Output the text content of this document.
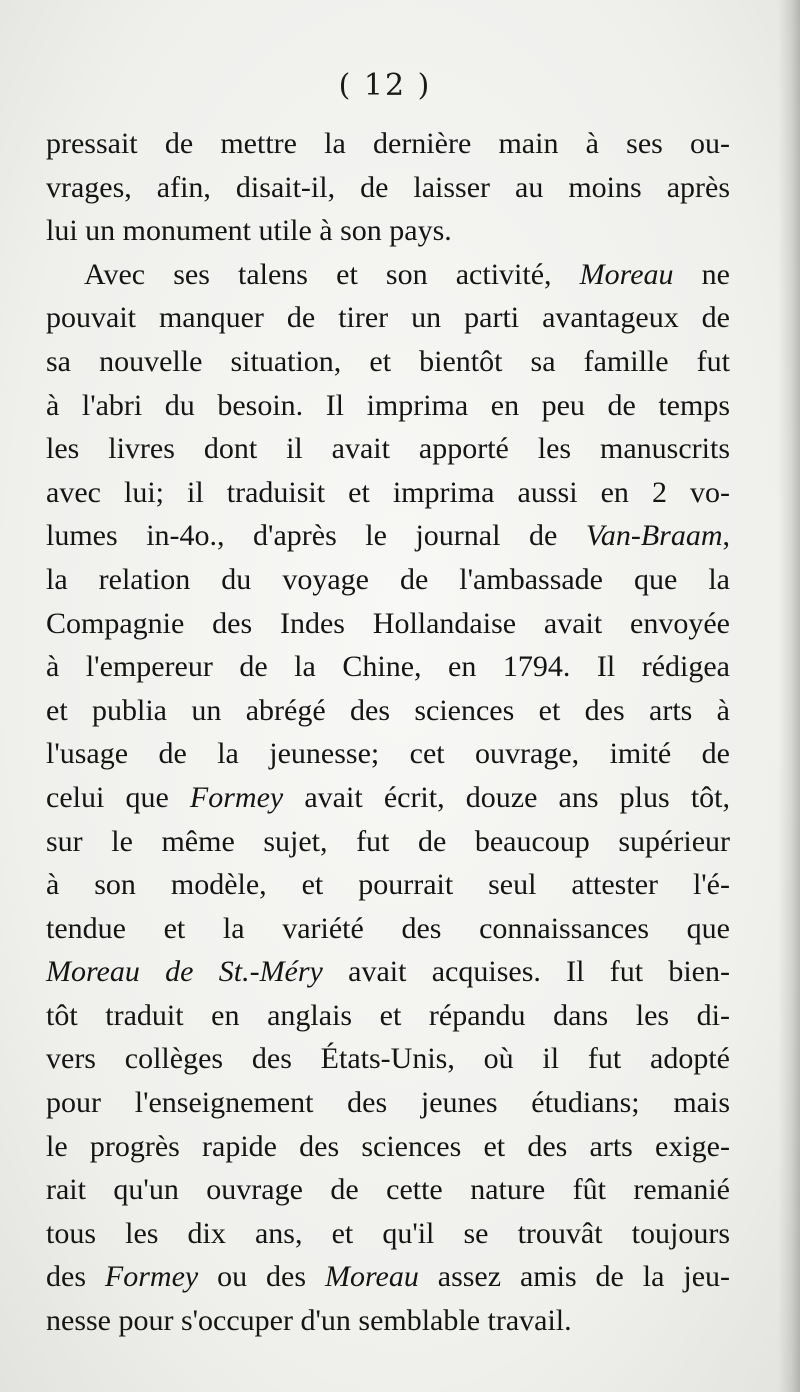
( 12 )
pressait de mettre la dernière main à ses ou-
vrages, afin, disait-il, de laisser au moins après
lui un monument utile à son pays.
Avec ses talens et son activité, Moreau ne
pouvait manquer de tirer un parti avantageux de
sa nouvelle situation, et bientôt sa famille fut
à l'abri du besoin. Il imprima en peu de temps
les livres dont il avait apporté les manuscrits
avec lui; il traduisit et imprima aussi en 2 vo-
lumes in-4o., d'après le journal de Van-Braam,
la relation du voyage de l'ambassade que la
Compagnie des Indes Hollandaise avait envoyée
à l'empereur de la Chine, en 1794. Il rédigea
et publia un abrégé des sciences et des arts à
l'usage de la jeunesse; cet ouvrage, imité de
celui que Formey avait écrit, douze ans plus tôt,
sur le même sujet, fut de beaucoup supérieur
à son modèle, et pourrait seul attester l'é-
tendue et la variété des connaissances que
Moreau de St.-Méry avait acquises. Il fut bien-
tôt traduit en anglais et répandu dans les di-
vers collèges des États-Unis, où il fut adopté
pour l'enseignement des jeunes étudians; mais
le progrès rapide des sciences et des arts exige-
rait qu'un ouvrage de cette nature fût remanié
tous les dix ans, et qu'il se trouvât toujours
des Formey ou des Moreau assez amis de la jeu-
nesse pour s'occuper d'un semblable travail.
